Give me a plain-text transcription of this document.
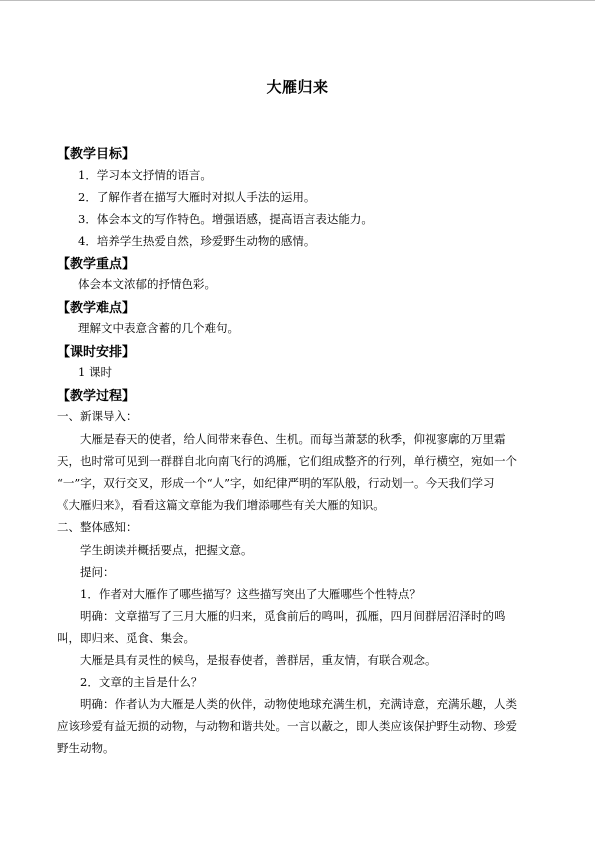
大雁归来
【教学目标】
1．学习本文抒情的语言。
2．了解作者在描写大雁时对拟人手法的运用。
3．体会本文的写作特色。增强语感，提高语言表达能力。
4．培养学生热爱自然，珍爱野生动物的感情。
【教学重点】
体会本文浓郁的抒情色彩。
【教学难点】
理解文中表意含蓄的几个难句。
【课时安排】
1 课时
【教学过程】
一、新课导入：
大雁是春天的使者，给人间带来春色、生机。而每当萧瑟的秋季，仰视寥廓的万里霜
天，也时常可见到一群群自北向南飞行的鸿雁，它们组成整齐的行列，单行横空，宛如一个
“一”字，双行交叉，形成一个“人”字，如纪律严明的军队般，行动划一。今天我们学习
《大雁归来》，看看这篇文章能为我们增添哪些有关大雁的知识。
二、整体感知：
学生朗读并概括要点，把握文意。
提问：
1．作者对大雁作了哪些描写？这些描写突出了大雁哪些个性特点？
明确：文章描写了三月大雁的归来，觅食前后的鸣叫，孤雁，四月间群居沼泽时的鸣
叫，即归来、觅食、集会。
大雁是具有灵性的候鸟，是报春使者，善群居，重友情，有联合观念。
2．文章的主旨是什么？
明确：作者认为大雁是人类的伙伴，动物使地球充满生机，充满诗意，充满乐趣，人类
应该珍爱有益无损的动物，与动物和谐共处。一言以蔽之，即人类应该保护野生动物、珍爱
野生动物。
